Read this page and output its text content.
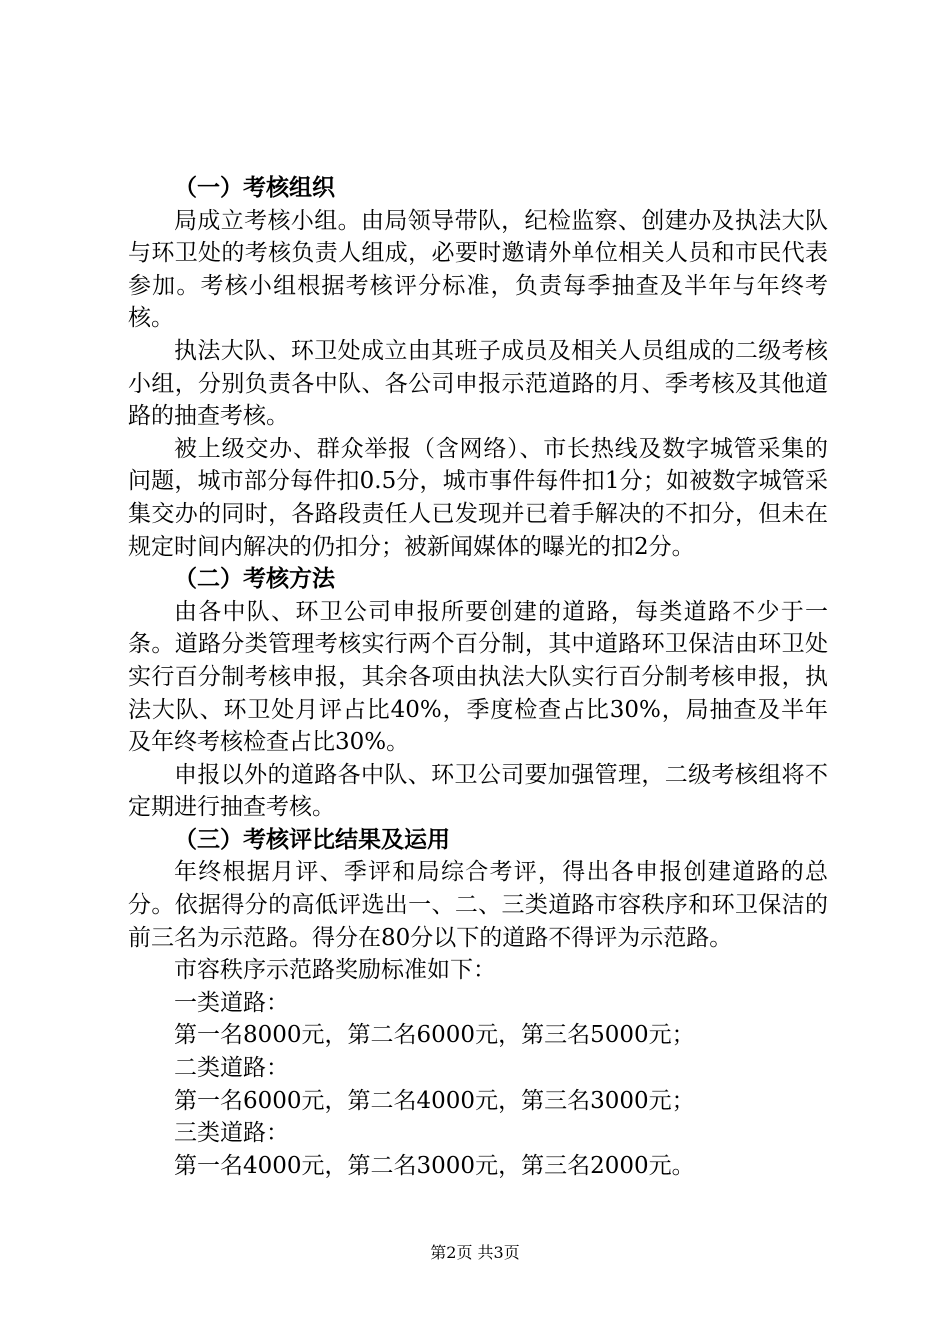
（一）考核组织

局成立考核小组。由局领导带队，纪检监察、创建办及执法大队与环卫处的考核负责人组成，必要时邀请外单位相关人员和市民代表参加。考核小组根据考核评分标准，负责每季抽查及半年与年终考核。

执法大队、环卫处成立由其班子成员及相关人员组成的二级考核小组，分别负责各中队、各公司申报示范道路的月、季考核及其他道路的抽查考核。

被上级交办、群众举报（含网络）、市长热线及数字城管采集的问题，城市部分每件扣0.5分，城市事件每件扣1分；如被数字城管采集交办的同时，各路段责任人已发现并已着手解决的不扣分，但未在规定时间内解决的仍扣分；被新闻媒体的曝光的扣2分。

（二）考核方法

由各中队、环卫公司申报所要创建的道路，每类道路不少于一条。道路分类管理考核实行两个百分制，其中道路环卫保洁由环卫处实行百分制考核申报，其余各项由执法大队实行百分制考核申报，执法大队、环卫处月评占比40%，季度检查占比30%，局抽查及半年及年终考核检查占比30%。

申报以外的道路各中队、环卫公司要加强管理，二级考核组将不定期进行抽查考核。

（三）考核评比结果及运用

年终根据月评、季评和局综合考评，得出各申报创建道路的总分。依据得分的高低评选出一、二、三类道路市容秩序和环卫保洁的前三名为示范路。得分在80分以下的道路不得评为示范路。

市容秩序示范路奖励标准如下：

一类道路：

第一名8000元，第二名6000元，第三名5000元；

二类道路：

第一名6000元，第二名4000元，第三名3000元；

三类道路：

第一名4000元，第二名3000元，第三名2000元。

第2页 共3页
